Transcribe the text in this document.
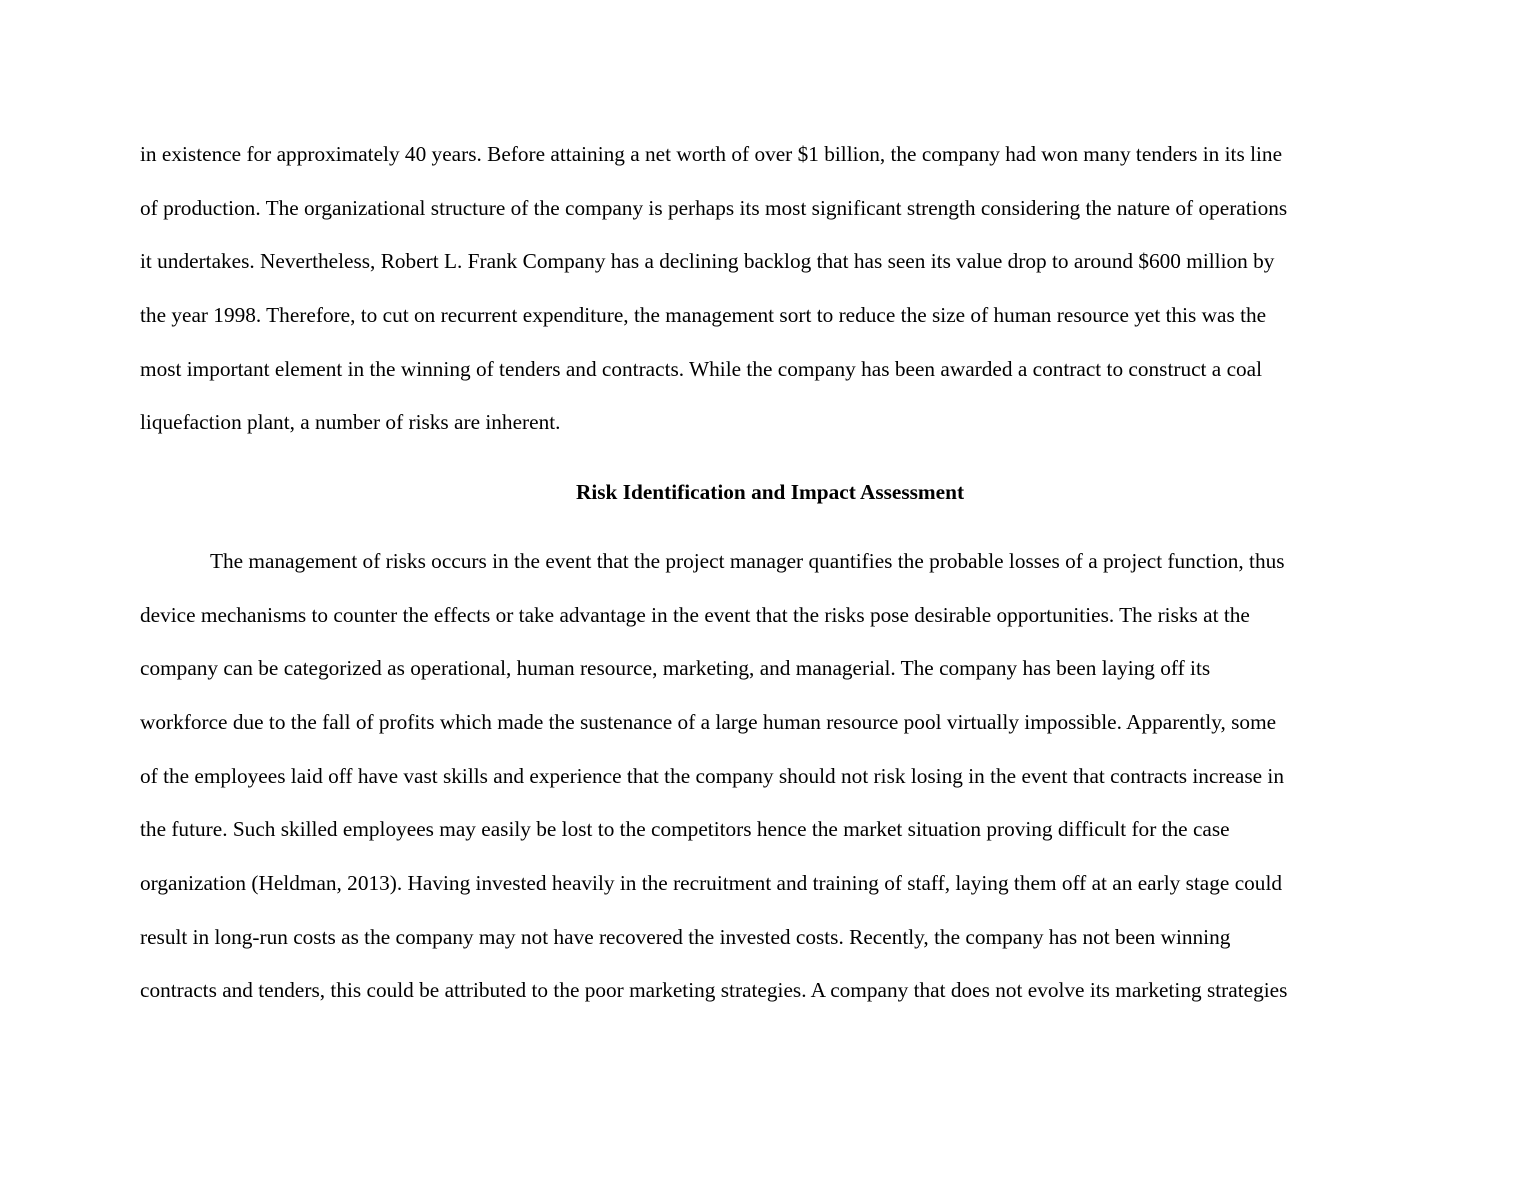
in existence for approximately 40 years. Before attaining a net worth of over $1 billion, the company had won many tenders in its line
of production. The organizational structure of the company is perhaps its most significant strength considering the nature of operations
it undertakes. Nevertheless, Robert L. Frank Company has a declining backlog that has seen its value drop to around $600 million by
the year 1998. Therefore, to cut on recurrent expenditure, the management sort to reduce the size of human resource yet this was the
most important element in the winning of tenders and contracts. While the company has been awarded a contract to construct a coal
liquefaction plant, a number of risks are inherent.
Risk Identification and Impact Assessment
The management of risks occurs in the event that the project manager quantifies the probable losses of a project function, thus
device mechanisms to counter the effects or take advantage in the event that the risks pose desirable opportunities. The risks at the
company can be categorized as operational, human resource, marketing, and managerial. The company has been laying off its
workforce due to the fall of profits which made the sustenance of a large human resource pool virtually impossible. Apparently, some
of the employees laid off have vast skills and experience that the company should not risk losing in the event that contracts increase in
the future. Such skilled employees may easily be lost to the competitors hence the market situation proving difficult for the case
organization (Heldman, 2013). Having invested heavily in the recruitment and training of staff, laying them off at an early stage could
result in long-run costs as the company may not have recovered the invested costs. Recently, the company has not been winning
contracts and tenders, this could be attributed to the poor marketing strategies. A company that does not evolve its marketing strategies
